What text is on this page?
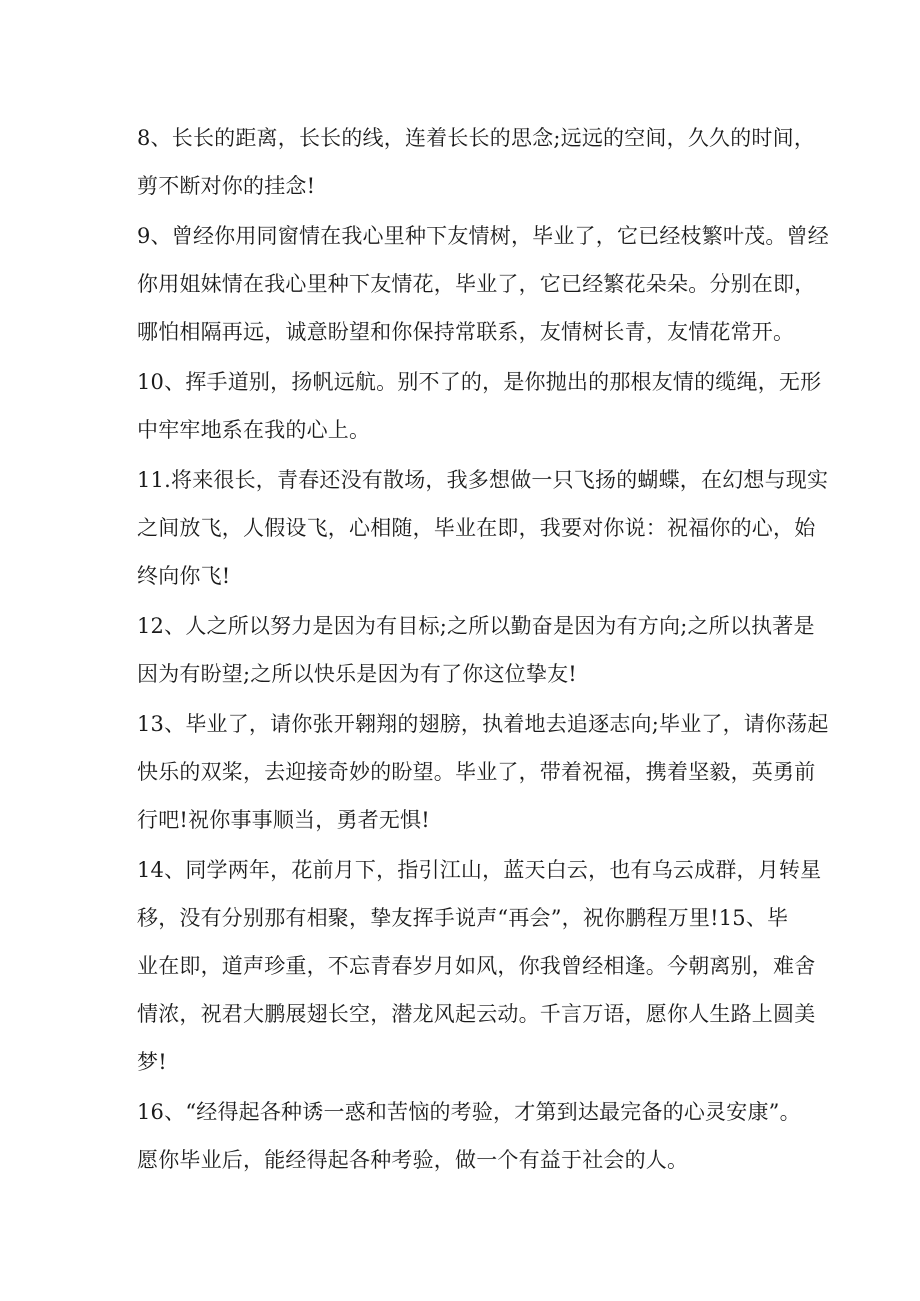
8、长长的距离，长长的线，连着长长的思念;远远的空间，久久的时间，
剪不断对你的挂念!
9、曾经你用同窗情在我心里种下友情树，毕业了，它已经枝繁叶茂。曾经
你用姐妹情在我心里种下友情花，毕业了，它已经繁花朵朵。分别在即，
哪怕相隔再远，诚意盼望和你保持常联系，友情树长青，友情花常开。
10、挥手道别，扬帆远航。别不了的，是你抛出的那根友情的缆绳，无形
中牢牢地系在我的心上。
11.将来很长，青春还没有散场，我多想做一只飞扬的蝴蝶，在幻想与现实
之间放飞，人假设飞，心相随，毕业在即，我要对你说：祝福你的心，始
终向你飞!
12、人之所以努力是因为有目标;之所以勤奋是因为有方向;之所以执著是
因为有盼望;之所以快乐是因为有了你这位挚友!
13、毕业了，请你张开翱翔的翅膀，执着地去追逐志向;毕业了，请你荡起
快乐的双桨，去迎接奇妙的盼望。毕业了，带着祝福，携着坚毅，英勇前
行吧!祝你事事顺当，勇者无惧!
14、同学两年，花前月下，指引江山，蓝天白云，也有乌云成群，月转星
移，没有分别那有相聚，挚友挥手说声“再会”，祝你鹏程万里!15、毕
业在即，道声珍重，不忘青春岁月如风，你我曾经相逢。今朝离别，难舍
情浓，祝君大鹏展翅长空，潜龙风起云动。千言万语，愿你人生路上圆美
梦!
16、“经得起各种诱一惑和苦恼的考验，才第到达最完备的心灵安康”。
愿你毕业后，能经得起各种考验，做一个有益于社会的人。
